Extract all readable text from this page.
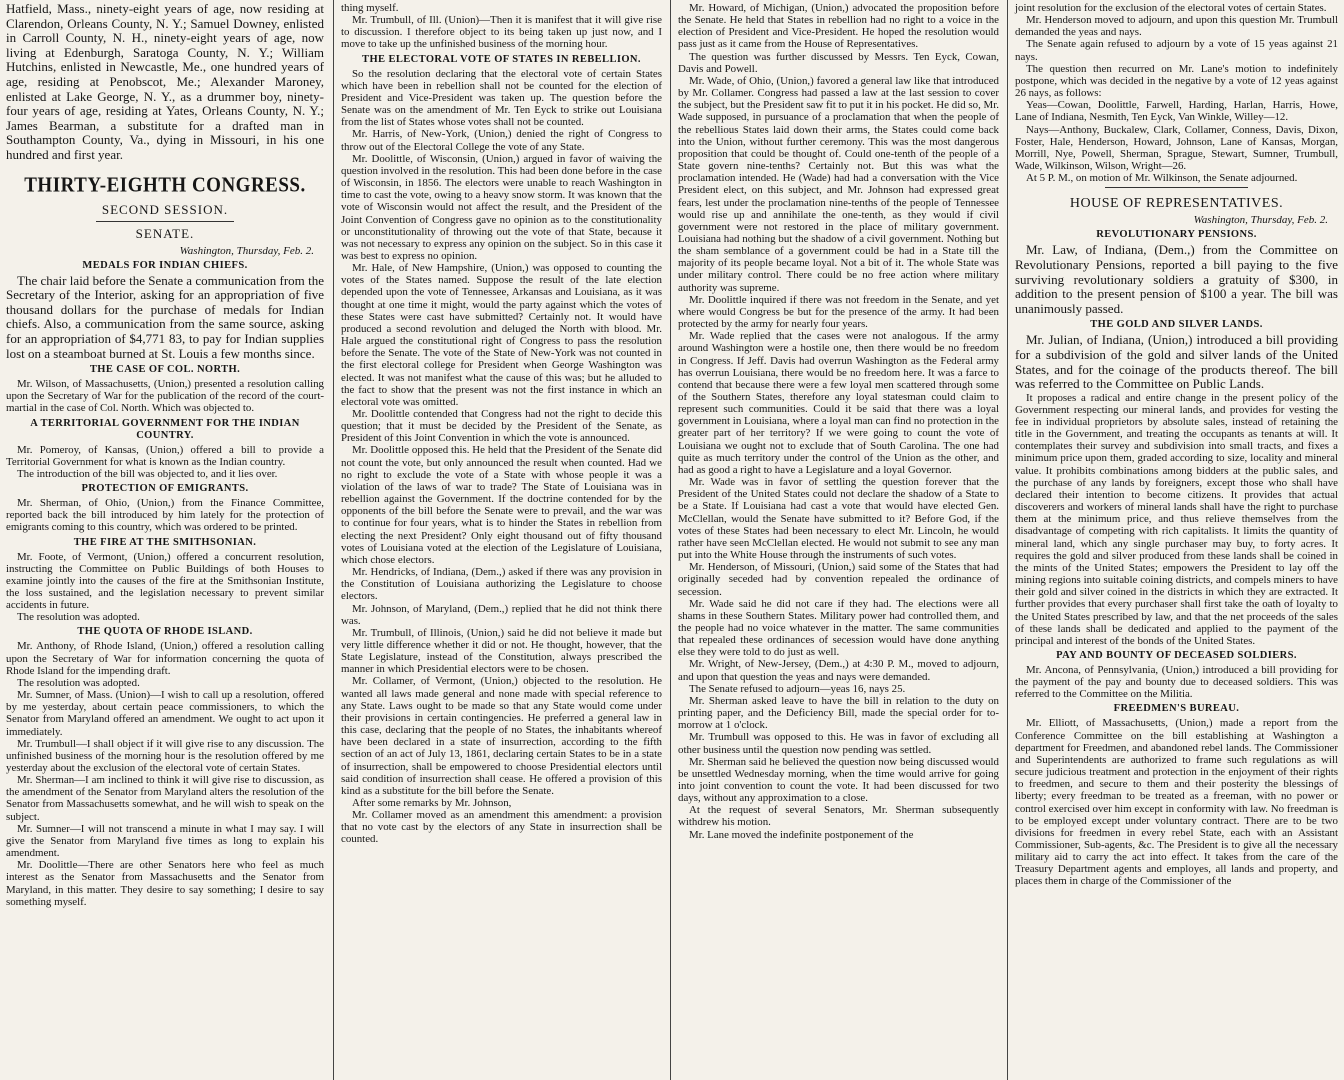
Hatfield, Mass., ninety-eight years of age, now residing at Clarendon, Orleans County, N. Y.; Samuel Downey, enlisted in Carroll County, N. H., ninety-eight years of age, now living at Edenburgh, Saratoga County, N. Y.; William Hutchins, enlisted in Newcastle, Me., one hundred years of age, residing at Penobscot, Me.; Alexander Maroney, enlisted at Lake George, N. Y., as a drummer boy, ninety-four years of age, residing at Yates, Orleans County, N. Y.; James Bearman, a substitute for a drafted man in Southampton County, Va., dying in Missouri, in his one hundred and first year.

THIRTY-EIGHTH CONGRESS.
SECOND SESSION.
SENATE.
Washington, Thursday, Feb. 2.
MEDALS FOR INDIAN CHIEFS.

The chair laid before the Senate a communication from the Secretary of the Interior, asking for an appropriation of five thousand dollars for the purchase of medals for Indian chiefs. Also, a communication from the same source, asking for an appropriation of $4,771 83, to pay for Indian supplies lost on a steamboat burned at St. Louis a few months since.

THE CASE OF COL. NORTH.

Mr. Wilson, of Massachusetts, (Union,) presented a resolution calling upon the Secretary of War for the publication of the record of the court-martial in the case of Col. North. Which was objected to.

A TERRITORIAL GOVERNMENT FOR THE INDIAN COUNTRY.

Mr. Pomeroy, of Kansas, (Union,) offered a bill to provide a Territorial Government for what is known as the Indian country.

The introduction of the bill was objected to, and it lies over.

PROTECTION OF EMIGRANTS.

Mr. Sherman, of Ohio, (Union,) from the Finance Committee, reported back the bill introduced by him lately for the protection of emigrants coming to this country, which was ordered to be printed.

THE FIRE AT THE SMITHSONIAN.

Mr. Foote, of Vermont, (Union,) offered a concurrent resolution, instructing the Committee on Public Buildings of both Houses to examine jointly into the causes of the fire at the Smithsonian Institute, the loss sustained, and the legislation necessary to prevent similar accidents in future.

The resolution was adopted.

THE QUOTA OF RHODE ISLAND.

Mr. Anthony, of Rhode Island, (Union,) offered a resolution calling upon the Secretary of War for information concerning the quota of Rhode Island for the impending draft.

The resolution was adopted.

Mr. Sumner, of Mass. (Union)—I wish to call up a resolution, offered by me yesterday, about certain peace commissioners, to which the Senator from Maryland offered an amendment. We ought to act upon it immediately.

Mr. Trumbull—I shall object if it will give rise to any discussion. The unfinished business of the morning hour is the resolution offered by me yesterday about the exclusion of the electoral vote of certain States.

Mr. Sherman—I am inclined to think it will give rise to discussion, as the amendment of the Senator from Maryland alters the resolution of the Senator from Massachusetts somewhat, and he will wish to speak on the subject.

Mr. Sumner—I will not transcend a minute in what I may say. I will give the Senator from Maryland five times as long to explain his amendment.

Mr. Doolittle—There are other Senators here who feel as much interest as the Senator from Massachusetts and the Senator from Maryland, in this matter. They desire to say something; I desire to say something myself.

thing myself.

Mr. Trumbull, of Ill. (Union)—Then it is manifest that it will give rise to discussion. I therefore object to its being taken up just now, and I move to take up the unfinished business of the morning hour.

THE ELECTORAL VOTE OF STATES IN REBELLION.

So the resolution declaring that the electoral vote of certain States which have been in rebellion shall not be counted for the election of President and Vice-President was taken up. The question before the Senate was on the amendment of Mr. Ten Eyck to strike out Louisiana from the list of States whose votes shall not be counted.

Mr. Harris, of New-York, (Union,) denied the right of Congress to throw out of the Electoral College the vote of any State.

Mr. Doolittle, of Wisconsin, (Union,) argued in favor of waiving the question involved in the resolution. This had been done before in the case of Wisconsin, in 1856. The electors were unable to reach Washington in time to cast the vote, owing to a heavy snow storm. It was known that the vote of Wisconsin would not affect the result, and the President of the Joint Convention of Congress gave no opinion as to the constitutionality or unconstitutionality of throwing out the vote of that State, because it was not necessary to express any opinion on the subject. So in this case it was best to express no opinion.

Mr. Hale, of New Hampshire, (Union,) was opposed to counting the votes of the States named. Suppose the result of the late election depended upon the vote of Tennessee, Arkansas and Louisiana, as it was thought at one time it might, would the party against which the votes of these States were cast have submitted? Certainly not. It would have produced a second revolution and deluged the North with blood. Mr. Hale argued the constitutional right of Congress to pass the resolution before the Senate. The vote of the State of New-York was not counted in the first electoral college for President when George Washington was elected. It was not manifest what the cause of this was; but he alluded to the fact to show that the present was not the first instance in which an electoral vote was omitted.

Mr. Doolittle contended that Congress had not the right to decide this question; that it must be decided by the President of the Senate, as President of this Joint Convention in which the vote is announced.

Mr. Doolittle opposed this. He held that the President of the Senate did not count the vote, but only announced the result when counted. Had we no right to exclude the vote of a State with whose people it was a violation of the laws of war to trade? The State of Louisiana was in rebellion against the Government. If the doctrine contended for by the opponents of the bill before the Senate were to prevail, and the war was to continue for four years, what is to hinder the States in rebellion from electing the next President? Only eight thousand out of fifty thousand votes of Louisiana voted at the election of the Legislature of Louisiana, which chose electors.

Mr. Hendricks, of Indiana, (Dem.,) asked if there was any provision in the Constitution of Louisiana authorizing the Legislature to choose electors.

Mr. Johnson, of Maryland, (Dem.,) replied that he did not think there was.

Mr. Trumbull, of Illinois, (Union,) said he did not believe it made but very little difference whether it did or not. He thought, however, that the State Legislature, instead of the Constitution, always prescribed the manner in which Presidential electors were to be chosen.

Mr. Collamer, of Vermont, (Union,) objected to the resolution. He wanted all laws made general and none made with special reference to any State. Laws ought to be made so that any State would come under their provisions in certain contingencies. He preferred a general law in this case, declaring that the people of no States, the inhabitants whereof have been declared in a state of insurrection, according to the fifth section of an act of July 13, 1861, declaring certain States to be in a state of insurrection, shall be empowered to choose Presidential electors until said condition of insurrection shall cease. He offered a provision of this kind as a substitute for the bill before the Senate.

After some remarks by Mr. Johnson,

Mr. Collamer moved as an amendment this amendment: a provision that no vote cast by the electors of any State in insurrection shall be counted.

Mr. Howard, of Michigan, (Union,) advocated the proposition before the Senate. He held that States in rebellion had no right to a voice in the election of President and Vice-President. He hoped the resolution would pass just as it came from the House of Representatives.

The question was further discussed by Messrs. Ten Eyck, Cowan, Davis and Powell.

Mr. Wade, of Ohio, (Union,) favored a general law like that introduced by Mr. Collamer. Congress had passed a law at the last session to cover the subject, but the President saw fit to put it in his pocket. He did so, Mr. Wade supposed, in pursuance of a proclamation that when the people of the rebellious States laid down their arms, the States could come back into the Union, without further ceremony. This was the most dangerous proposition that could be thought of. Could one-tenth of the people of a State govern nine-tenths? Certainly not. But this was what the proclamation intended. He (Wade) had had a conversation with the Vice President elect, on this subject, and Mr. Johnson had expressed great fears, lest under the proclamation nine-tenths of the people of Tennessee would rise up and annihilate the one-tenth, as they would if civil government were not restored in the place of military government. Louisiana had nothing but the shadow of a civil government. Nothing but the sham semblance of a government could be had in a State till the majority of its people became loyal. Not a bit of it. The whole State was under military control. There could be no free action where military authority was supreme.

Mr. Doolittle inquired if there was not freedom in the Senate, and yet where would Congress be but for the presence of the army. It had been protected by the army for nearly four years.

Mr. Wade replied that the cases were not analogous. If the army around Washington were a hostile one, then there would be no freedom in Congress. If Jeff. Davis had overrun Washington as the Federal army has overrun Louisiana, there would be no freedom here. It was a farce to contend that because there were a few loyal men scattered through some of the Southern States, therefore any loyal statesman could claim to represent such communities. Could it be said that there was a loyal government in Louisiana, where a loyal man can find no protection in the greater part of her territory? If we were going to count the vote of Louisiana we ought not to exclude that of South Carolina. The one had quite as much territory under the control of the Union as the other, and had as good a right to have a Legislature and a loyal Governor.

Mr. Wade was in favor of settling the question forever that the President of the United States could not declare the shadow of a State to be a State. If Louisiana had cast a vote that would have elected Gen. McClellan, would the Senate have submitted to it? Before God, if the votes of these States had been necessary to elect Mr. Lincoln, he would rather have seen McClellan elected. He would not submit to see any man put into the White House through the instruments of such votes.

Mr. Henderson, of Missouri, (Union,) said some of the States that had originally seceded had by convention repealed the ordinance of secession.

Mr. Wade said he did not care if they had. The elections were all shams in these Southern States. Military power had controlled them, and the people had no voice whatever in the matter. The same communities that repealed these ordinances of secession would have done anything else they were told to do just as well.

Mr. Wright, of New-Jersey, (Dem.,) at 4:30 P. M., moved to adjourn, and upon that question the yeas and nays were demanded.

The Senate refused to adjourn—yeas 16, nays 25.

Mr. Sherman asked leave to have the bill in relation to the duty on printing paper, and the Deficiency Bill, made the special order for to-morrow at 1 o'clock.

Mr. Trumbull was opposed to this. He was in favor of excluding all other business until the question now pending was settled.

Mr. Sherman said he believed the question now being discussed would be unsettled Wednesday morning, when the time would arrive for going into joint convention to count the vote. It had been discussed for two days, without any approximation to a close.

At the request of several Senators, Mr. Sherman subsequently withdrew his motion.

Mr. Lane moved the indefinite postponement of the

joint resolution for the exclusion of the electoral votes of certain States.

Mr. Henderson moved to adjourn, and upon this question Mr. Trumbull demanded the yeas and nays.

The Senate again refused to adjourn by a vote of 15 yeas against 21 nays.

The question then recurred on Mr. Lane's motion to indefinitely postpone, which was decided in the negative by a vote of 12 yeas against 26 nays, as follows:

Yeas—Cowan, Doolittle, Farwell, Harding, Harlan, Harris, Howe, Lane of Indiana, Nesmith, Ten Eyck, Van Winkle, Willey—12.

Nays—Anthony, Buckalew, Clark, Collamer, Conness, Davis, Dixon, Foster, Hale, Henderson, Howard, Johnson, Lane of Kansas, Morgan, Morrill, Nye, Powell, Sherman, Sprague, Stewart, Sumner, Trumbull, Wade, Wilkinson, Wilson, Wright—26.

At 5 P. M., on motion of Mr. Wilkinson, the Senate adjourned.

HOUSE OF REPRESENTATIVES.
Washington, Thursday, Feb. 2.
REVOLUTIONARY PENSIONS.

Mr. Law, of Indiana, (Dem.,) from the Committee on Revolutionary Pensions, reported a bill paying to the five surviving revolutionary soldiers a gratuity of $300, in addition to the present pension of $100 a year. The bill was unanimously passed.

THE GOLD AND SILVER LANDS.

Mr. Julian, of Indiana, (Union,) introduced a bill providing for a subdivision of the gold and silver lands of the United States, and for the coinage of the products thereof. The bill was referred to the Committee on Public Lands.

It proposes a radical and entire change in the present policy of the Government respecting our mineral lands, and provides for vesting the fee in individual proprietors by absolute sales, instead of retaining the title in the Government, and treating the occupants as tenants at will. It contemplates their survey and subdivision into small tracts, and fixes a minimum price upon them, graded according to size, locality and mineral value. It prohibits combinations among bidders at the public sales, and the purchase of any lands by foreigners, except those who shall have declared their intention to become citizens. It provides that actual discoverers and workers of mineral lands shall have the right to purchase them at the minimum price, and thus relieve themselves from the disadvantage of competing with rich capitalists. It limits the quantity of mineral land, which any single purchaser may buy, to forty acres. It requires the gold and silver produced from these lands shall be coined in the mints of the United States; empowers the President to lay off the mining regions into suitable coining districts, and compels miners to have their gold and silver coined in the districts in which they are extracted. It further provides that every purchaser shall first take the oath of loyalty to the United States prescribed by law, and that the net proceeds of the sales of these lands shall be dedicated and applied to the payment of the principal and interest of the bonds of the United States.

PAY AND BOUNTY OF DECEASED SOLDIERS.

Mr. Ancona, of Pennsylvania, (Union,) introduced a bill providing for the payment of the pay and bounty due to deceased soldiers. This was referred to the Committee on the Militia.

FREEDMEN'S BUREAU.

Mr. Elliott, of Massachusetts, (Union,) made a report from the Conference Committee on the bill establishing at Washington a department for Freedmen, and abandoned rebel lands. The Commissioner and Superintendents are authorized to frame such regulations as will secure judicious treatment and protection in the enjoyment of their rights to freedmen, and secure to them and their posterity the blessings of liberty; every freedman to be treated as a freeman, with no power or control exercised over him except in conformity with law. No freedman is to be employed except under voluntary contract. There are to be two divisions for freedmen in every rebel State, each with an Assistant Commissioner, Sub-agents, &c. The President is to give all the necessary military aid to carry the act into effect. It takes from the care of the Treasury Department agents and employes, all lands and property, and places them in charge of the Commissioner of the
